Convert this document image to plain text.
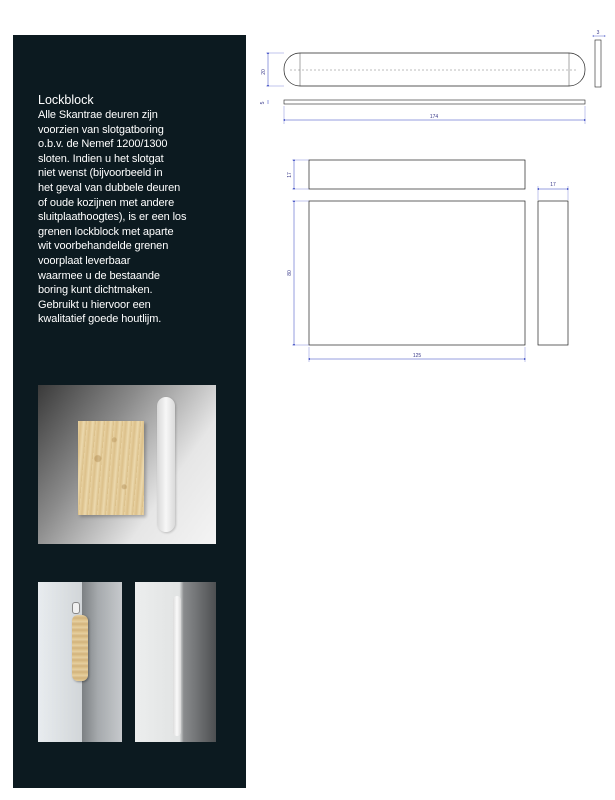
Lockblock

Alle Skantrae deuren zijn
voorzien van slotgatboring
o.b.v. de Nemef 1200/1300
sloten. Indien u het slotgat
niet wenst (bijvoorbeeld in
het geval van dubbele deuren
of oude kozijnen met andere
sluitplaathoogtes), is er een los
grenen lockblock met aparte
wit voorbehandelde grenen
voorplaat leverbaar
waarmee u de bestaande
boring kunt dichtmaken.
Gebruikt u hiervoor een
kwalitatief goede houtlijm.

20
3
5
174
17
80
125
17
